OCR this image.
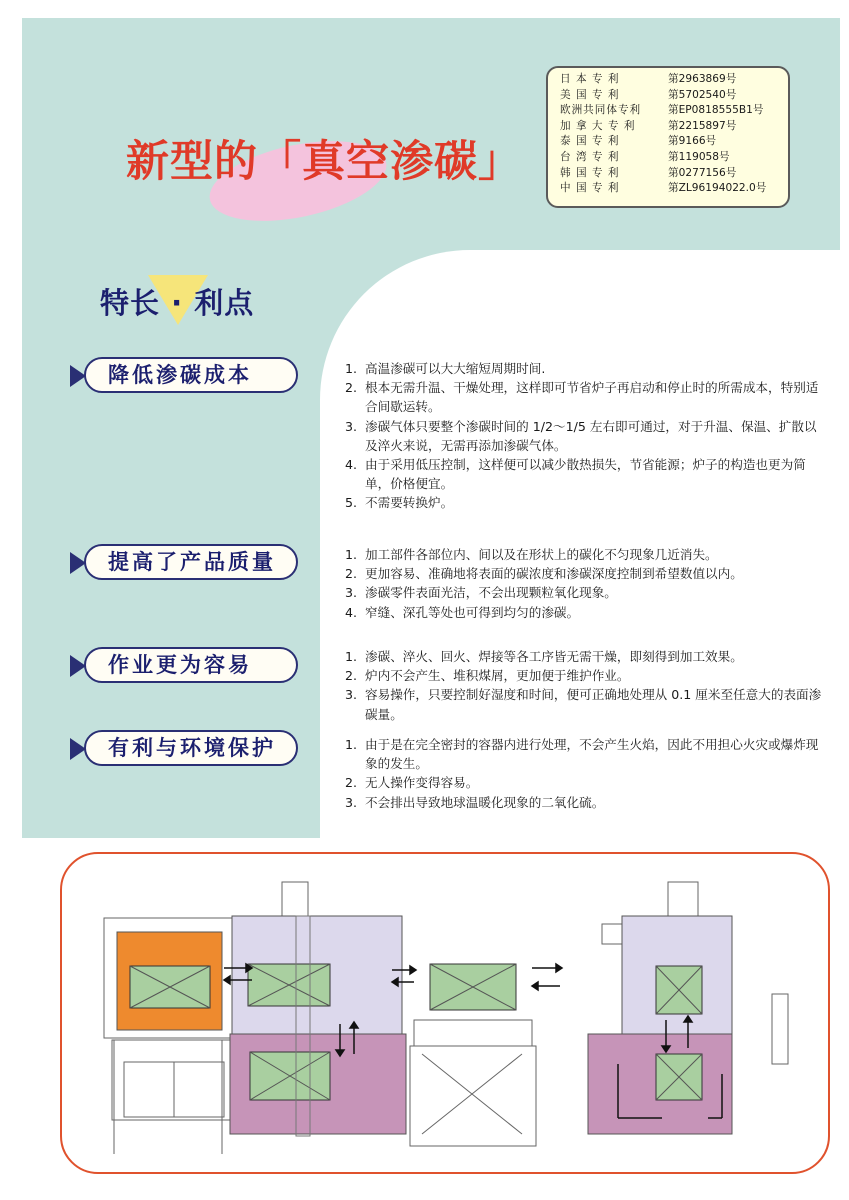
新型的「真空渗碳」
日 本 专 利	第2963869号
美 国 专 利	第5702540号
欧洲共同体专利	第EP0818555B1号
加 拿 大 专 利	第2215897号
泰 国 专 利	第9166号
台 湾 专 利	第119058号
韩 国 专 利	第0277156号
中 国 专 利	第ZL96194022.0号
特长 · 利点
降低渗碳成本	1. 高温渗碳可以大大缩短周期时间.
2. 根本无需升温、干燥处理，这样即可节省炉子再启动和停止时的所需成本，特别适合间歇运转。
3. 渗碳气体只要整个渗碳时间的 1/2～1/5 左右即可通过，对于升温、保温、扩散以及淬火来说，无需再添加渗碳气体。
4. 由于采用低压控制，这样便可以减少散热损失，节省能源；炉子的构造也更为简单，价格便宜。
5. 不需要转换炉。
提高了产品质量	1. 加工部件各部位内、间以及在形状上的碳化不匀现象几近消失。
2. 更加容易、准确地将表面的碳浓度和渗碳深度控制到希望数值以内。
3. 渗碳零件表面光洁，不会出现颗粒氧化现象。
4. 窄缝、深孔等处也可得到均匀的渗碳。
作业更为容易	1. 渗碳、淬火、回火、焊接等各工序皆无需干燥，即刻得到加工效果。
2. 炉内不会产生、堆积煤屑，更加便于维护作业。
3. 容易操作，只要控制好湿度和时间，便可正确地处理从 0.1 厘米至任意大的表面渗碳量。
有利与环境保护	1. 由于是在完全密封的容器内进行处理，不会产生火焰，因此不用担心火灾或爆炸现象的发生。
2. 无人操作变得容易。
3. 不会排出导致地球温暖化现象的二氧化硫。
